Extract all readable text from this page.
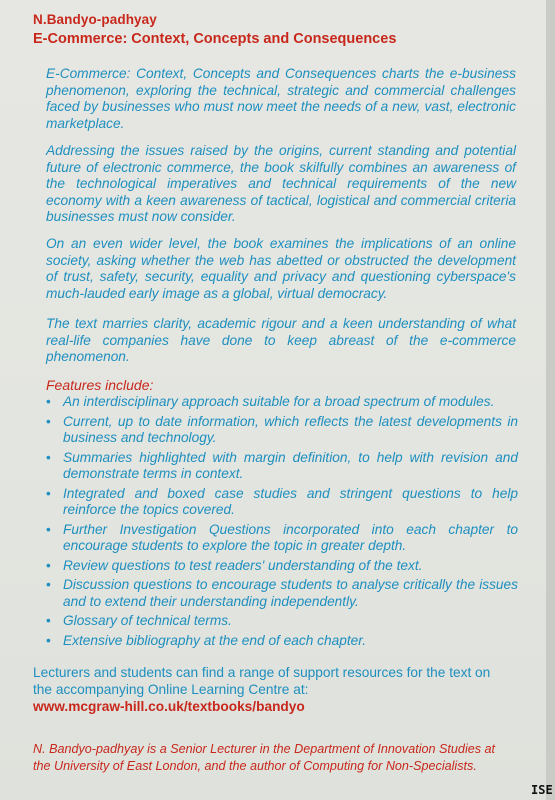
N.Bandyo-padhyay
E-Commerce: Context, Concepts and Consequences

E-Commerce: Context, Concepts and Consequences charts the e-business phenomenon, exploring the technical, strategic and commercial challenges faced by businesses who must now meet the needs of a new, vast, electronic marketplace.

Addressing the issues raised by the origins, current standing and potential future of electronic commerce, the book skilfully combines an awareness of the technological imperatives and technical requirements of the new economy with a keen awareness of tactical, logistical and commercial criteria businesses must now consider.

On an even wider level, the book examines the implications of an online society, asking whether the web has abetted or obstructed the development of trust, safety, security, equality and privacy and questioning cyberspace's much-lauded early image as a global, virtual democracy.

The text marries clarity, academic rigour and a keen understanding of what real-life companies have done to keep abreast of the e-commerce phenomenon.

Features include:
• An interdisciplinary approach suitable for a broad spectrum of modules.
• Current, up to date information, which reflects the latest developments in business and technology.
• Summaries highlighted with margin definition, to help with revision and demonstrate terms in context.
• Integrated and boxed case studies and stringent questions to help reinforce the topics covered.
• Further Investigation Questions incorporated into each chapter to encourage students to explore the topic in greater depth.
• Review questions to test readers' understanding of the text.
• Discussion questions to encourage students to analyse critically the issues and to extend their understanding independently.
• Glossary of technical terms.
• Extensive bibliography at the end of each chapter.

Lecturers and students can find a range of support resources for the text on the accompanying Online Learning Centre at:

www.mcgraw-hill.co.uk/textbooks/bandyo

N. Bandyo-padhyay is a Senior Lecturer in the Department of Innovation Studies at the University of East London, and the author of Computing for Non-Specialists.

ISE
